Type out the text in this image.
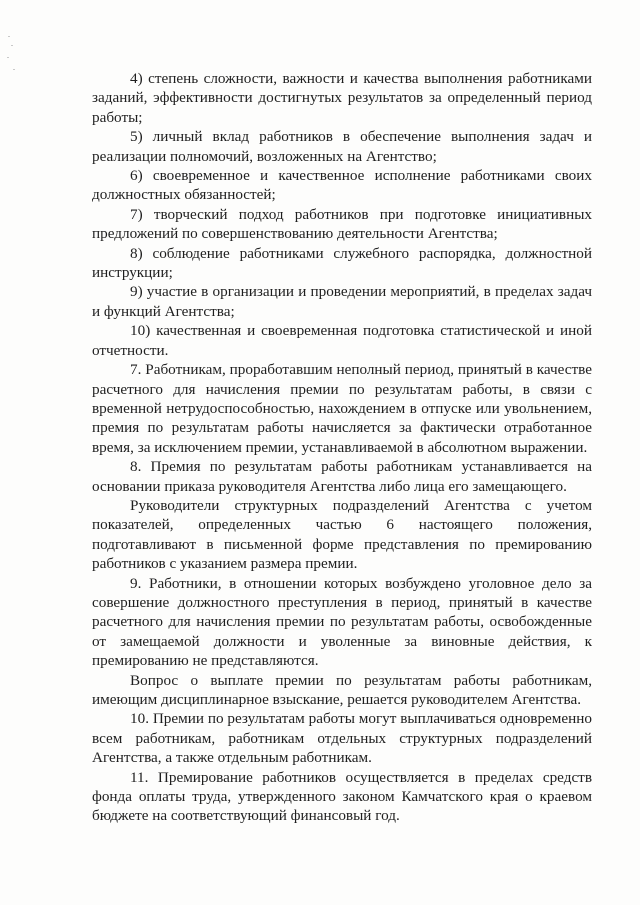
4) степень сложности, важности и качества выполнения работниками заданий, эффективности достигнутых результатов за определенный период работы;

5) личный вклад работников в обеспечение выполнения задач и реализации полномочий, возложенных на Агентство;

6) своевременное и качественное исполнение работниками своих должностных обязанностей;

7) творческий подход работников при подготовке инициативных предложений по совершенствованию деятельности Агентства;

8) соблюдение работниками служебного распорядка, должностной инструкции;

9) участие в организации и проведении мероприятий, в пределах задач и функций Агентства;

10) качественная и своевременная подготовка статистической и иной отчетности.

7. Работникам, проработавшим неполный период, принятый в качестве расчетного для начисления премии по результатам работы, в связи с временной нетрудоспособностью, нахождением в отпуске или увольнением, премия по результатам работы начисляется за фактически отработанное время, за исключением премии, устанавливаемой в абсолютном выражении.

8. Премия по результатам работы работникам устанавливается на основании приказа руководителя Агентства либо лица его замещающего.

Руководители структурных подразделений Агентства с учетом показателей, определенных частью 6 настоящего положения, подготавливают в письменной форме представления по премированию работников с указанием размера премии.

9. Работники, в отношении которых возбуждено уголовное дело за совершение должностного преступления в период, принятый в качестве расчетного для начисления премии по результатам работы, освобожденные от замещаемой должности и уволенные за виновные действия, к премированию не представляются.

Вопрос о выплате премии по результатам работы работникам, имеющим дисциплинарное взыскание, решается руководителем Агентства.

10. Премии по результатам работы могут выплачиваться одновременно всем работникам, работникам отдельных структурных подразделений Агентства, а также отдельным работникам.

11. Премирование работников осуществляется в пределах средств фонда оплаты труда, утвержденного законом Камчатского края о краевом бюджете на соответствующий финансовый год.
